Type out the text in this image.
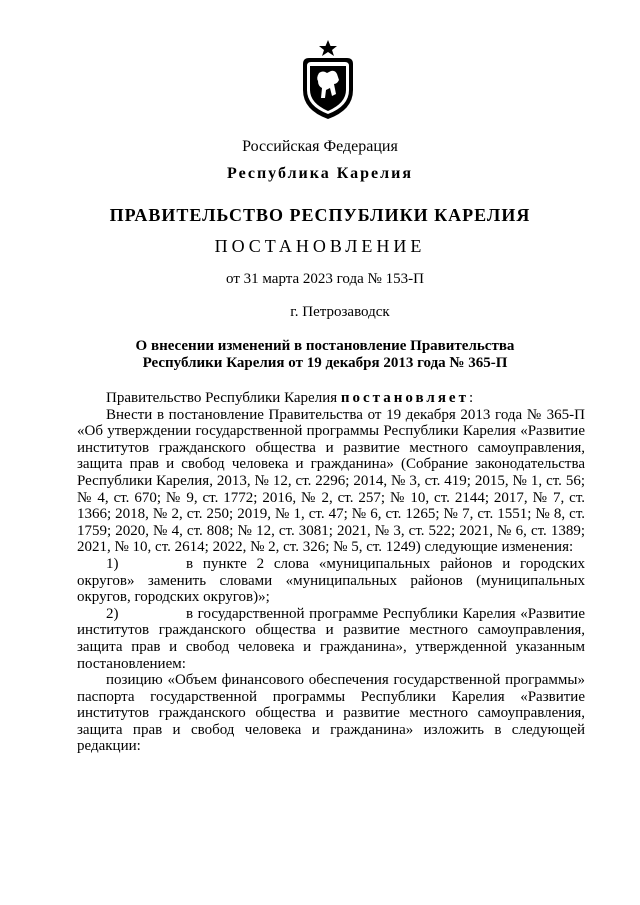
Российская Федерация
Республика Карелия
ПРАВИТЕЛЬСТВО РЕСПУБЛИКИ КАРЕЛИЯ
ПОСТАНОВЛЕНИЕ
от 31 марта 2023 года № 153-П
г. Петрозаводск
О внесении изменений в постановление Правительства
Республики Карелия от 19 декабря 2013 года № 365-П

Правительство Республики Карелия постановляет:

Внести в постановление Правительства от 19 декабря 2013 года № 365-П «Об утверждении государственной программы Республики Карелия «Развитие институтов гражданского общества и развитие местного самоуправления, защита прав и свобод человека и гражданина» (Собрание законодательства Республики Карелия, 2013, № 12, ст. 2296; 2014, № 3, ст. 419; 2015, № 1, ст. 56; № 4, ст. 670; № 9, ст. 1772; 2016, № 2, ст. 257; № 10, ст. 2144; 2017, № 7, ст. 1366; 2018, № 2, ст. 250; 2019, № 1, ст. 47; № 6, ст. 1265; № 7, ст. 1551; № 8, ст. 1759; 2020, № 4, ст. 808; № 12, ст. 3081; 2021, № 3, ст. 522; 2021, № 6, ст. 1389; 2021, № 10, ст. 2614; 2022, № 2, ст. 326; № 5, ст. 1249) следующие изменения:

1)	в пункте 2 слова «муниципальных районов и городских округов» заменить словами «муниципальных районов (муниципальных округов, городских округов)»;

2)	в государственной программе Республики Карелия «Развитие институтов гражданского общества и развитие местного самоуправления, защита прав и свобод человека и гражданина», утвержденной указанным постановлением:

позицию «Объем финансового обеспечения государственной программы» паспорта государственной программы Республики Карелия «Развитие институтов гражданского общества и развитие местного самоуправления, защита прав и свобод человека и гражданина» изложить в следующей редакции:
